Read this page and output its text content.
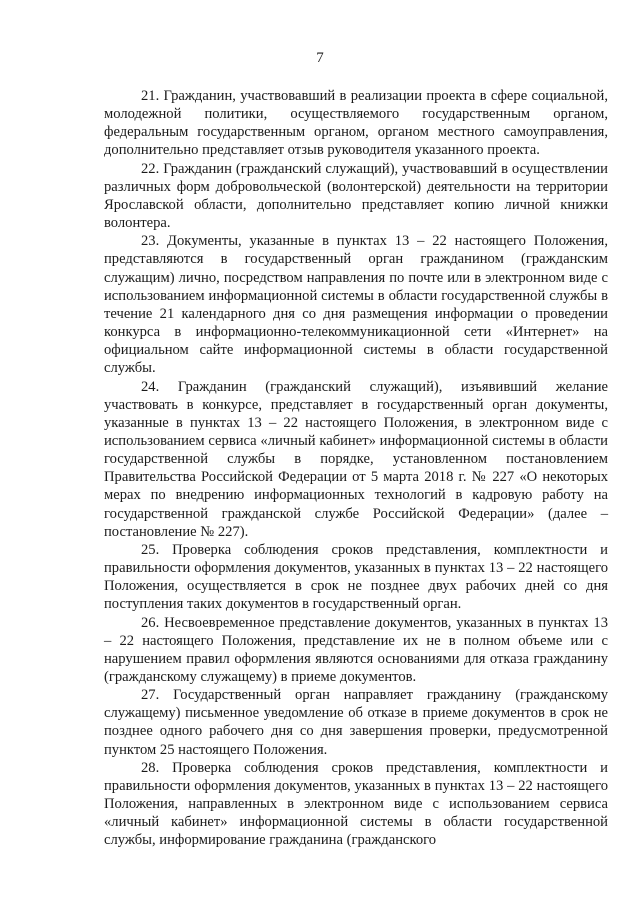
7

21. Гражданин, участвовавший в реализации проекта в сфере социальной, молодежной политики, осуществляемого государственным органом, федеральным государственным органом, органом местного самоуправления, дополнительно представляет отзыв руководителя указанного проекта.

22. Гражданин (гражданский служащий), участвовавший в осуществлении различных форм добровольческой (волонтерской) деятельности на территории Ярославской области, дополнительно представляет копию личной книжки волонтера.

23. Документы, указанные в пунктах 13 – 22 настоящего Положения, представляются в государственный орган гражданином (гражданским служащим) лично, посредством направления по почте или в электронном виде с использованием информационной системы в области государственной службы в течение 21 календарного дня со дня размещения информации о проведении конкурса в информационно-телекоммуникационной сети «Интернет» на официальном сайте информационной системы в области государственной службы.

24. Гражданин (гражданский служащий), изъявивший желание участвовать в конкурсе, представляет в государственный орган документы, указанные в пунктах 13 – 22 настоящего Положения, в электронном виде с использованием сервиса «личный кабинет» информационной системы в области государственной службы в порядке, установленном постановлением Правительства Российской Федерации от 5 марта 2018 г. № 227 «О некоторых мерах по внедрению информационных технологий в кадровую работу на государственной гражданской службе Российской Федерации» (далее – постановление № 227).

25. Проверка соблюдения сроков представления, комплектности и правильности оформления документов, указанных в пунктах 13 – 22 настоящего Положения, осуществляется в срок не позднее двух рабочих дней со дня поступления таких документов в государственный орган.

26. Несвоевременное представление документов, указанных в пунктах 13 – 22 настоящего Положения, представление их не в полном объеме или с нарушением правил оформления являются основаниями для отказа гражданину (гражданскому служащему) в приеме документов.

27. Государственный орган направляет гражданину (гражданскому служащему) письменное уведомление об отказе в приеме документов в срок не позднее одного рабочего дня со дня завершения проверки, предусмотренной пунктом 25 настоящего Положения.

28. Проверка соблюдения сроков представления, комплектности и правильности оформления документов, указанных в пунктах 13 – 22 настоящего Положения, направленных в электронном виде с использованием сервиса «личный кабинет» информационной системы в области государственной службы, информирование гражданина (гражданского
